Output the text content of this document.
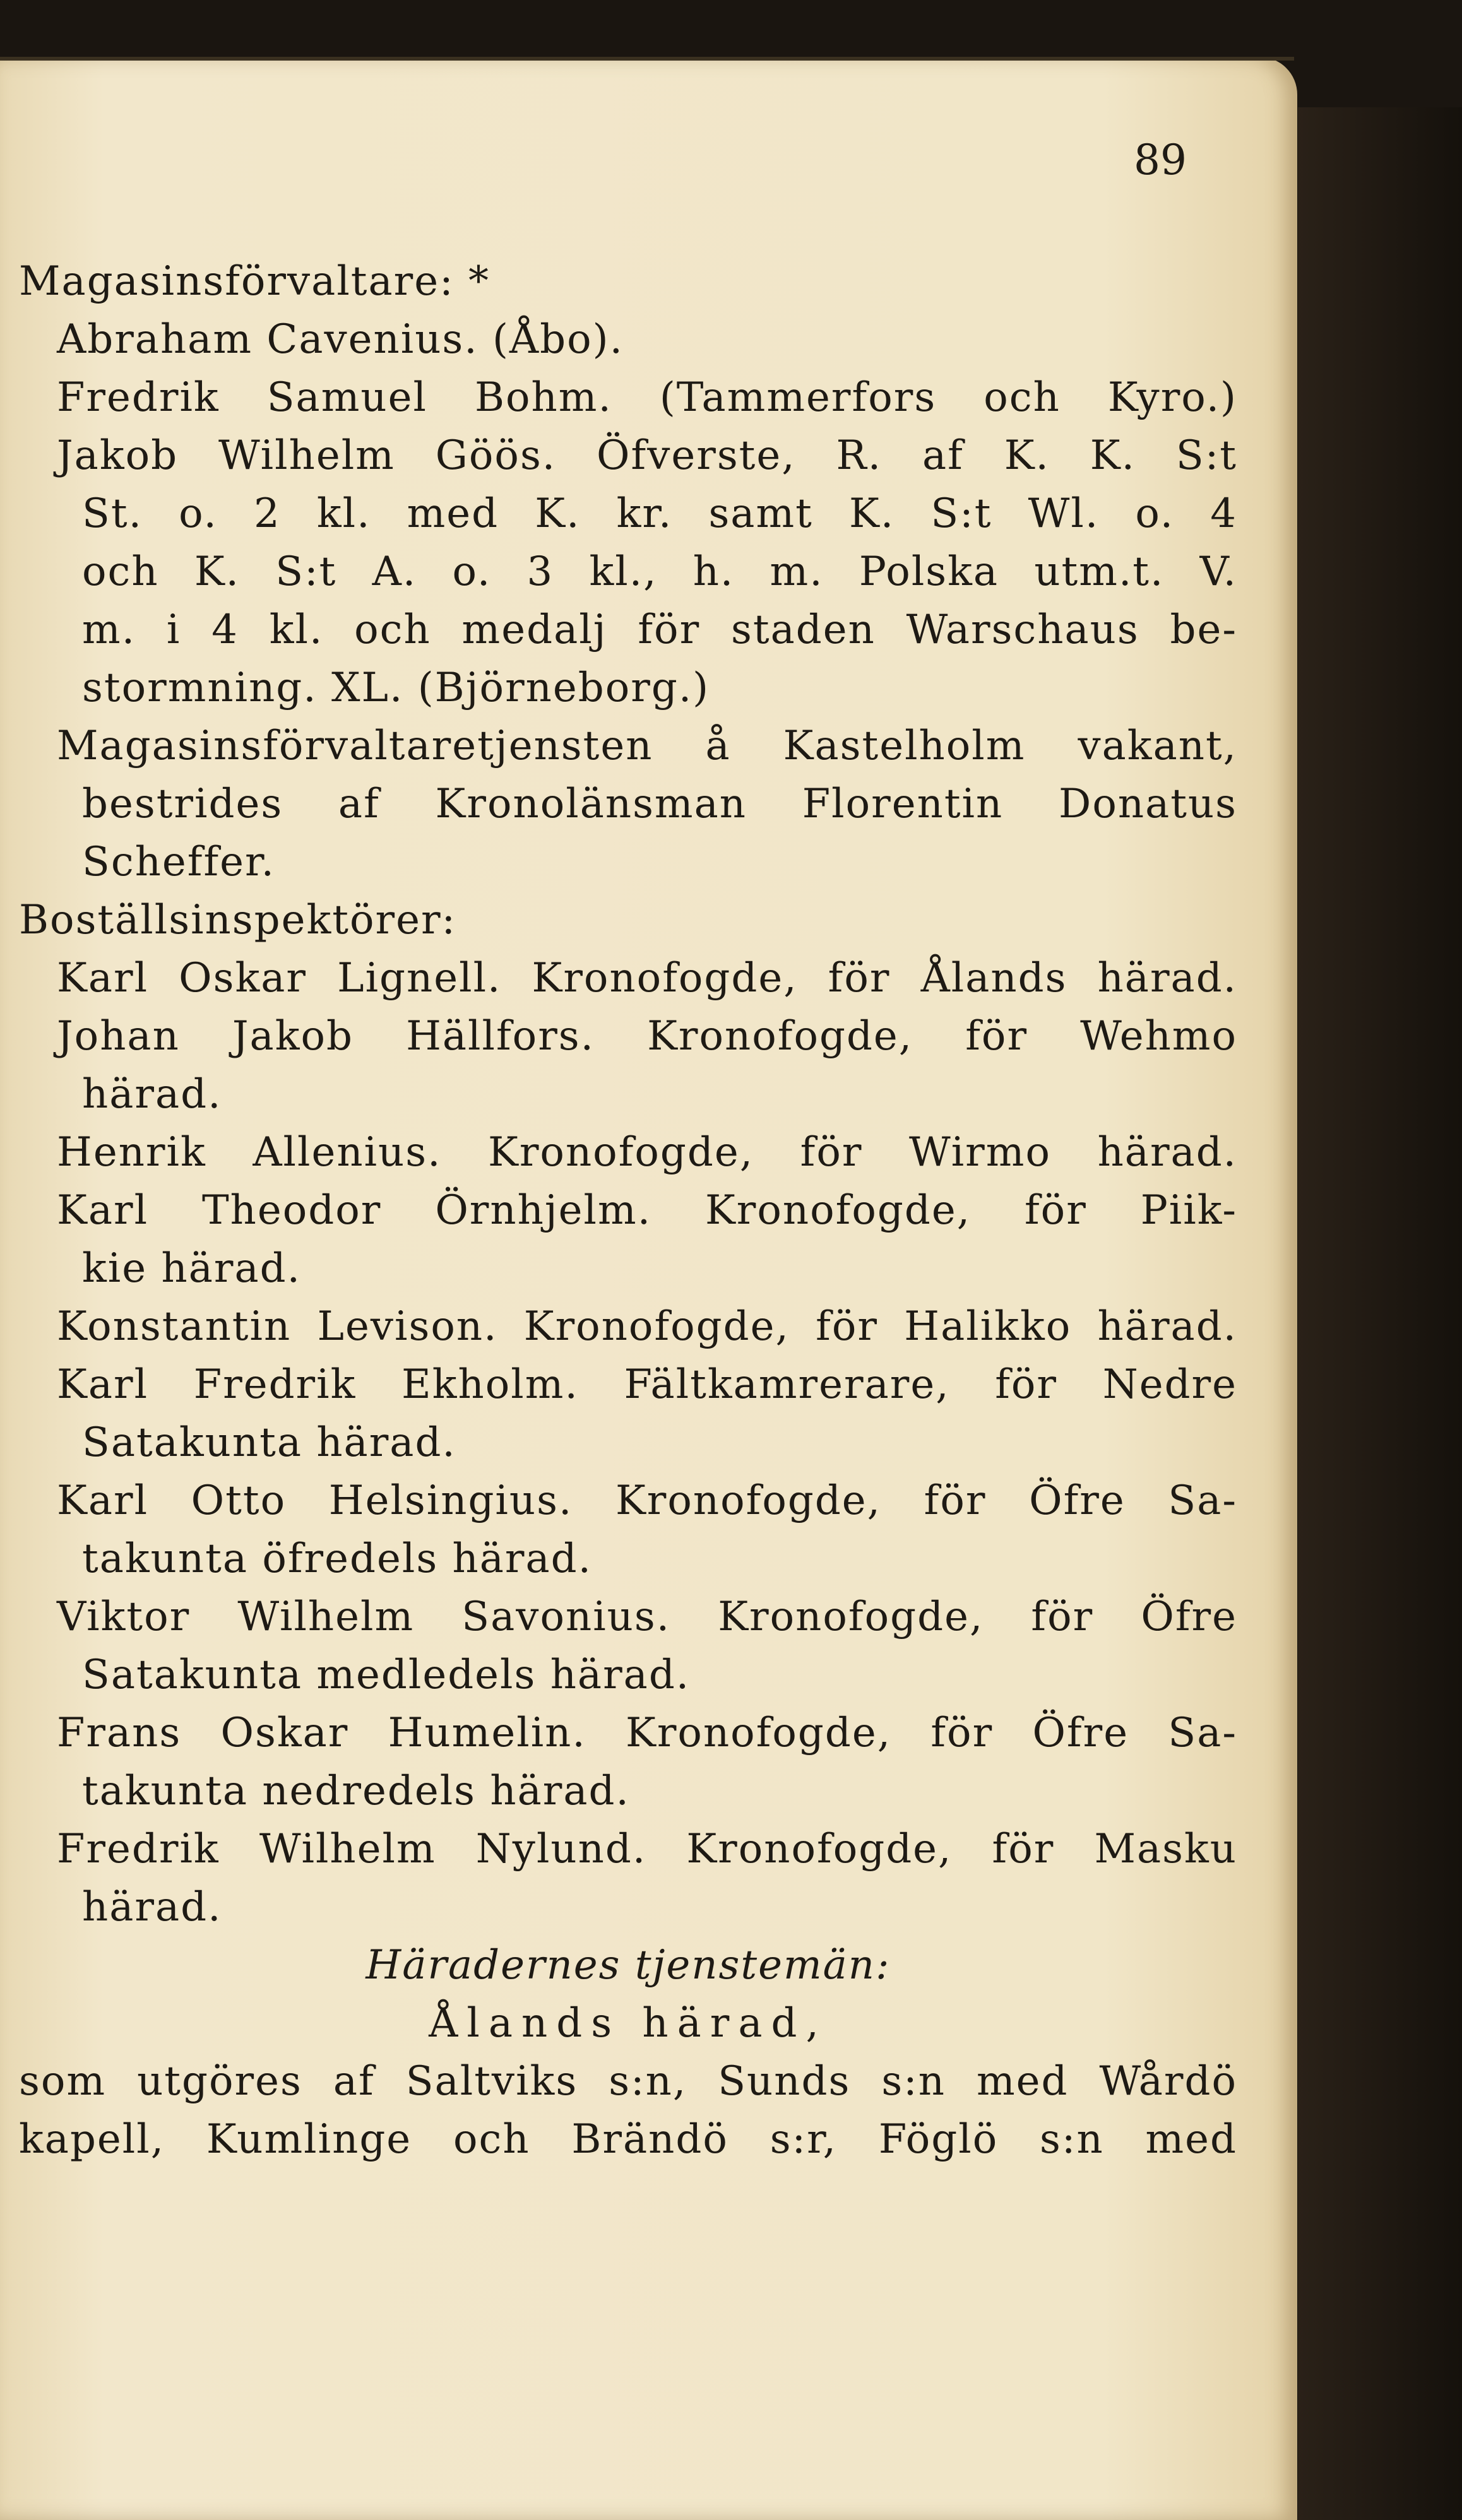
89
Magasinsförvaltare: *
Abraham Cavenius. (Åbo).
Fredrik Samuel Bohm. (Tammerfors och Kyro.)
Jakob Wilhelm Göös. Öfverste, R. af K. K. S:t
St. o. 2 kl. med K. kr. samt K. S:t Wl. o. 4
och K. S:t A. o. 3 kl., h. m. Polska utm.t. V.
m. i 4 kl. och medalj för staden Warschaus be-
stormning. XL. (Björneborg.)
Magasinsförvaltaretjensten å Kastelholm vakant,
bestrides af Kronolänsman Florentin Donatus
Scheffer.
Boställsinspektörer:
Karl Oskar Lignell. Kronofogde, för Ålands härad.
Johan Jakob Hällfors. Kronofogde, för Wehmo
härad.
Henrik Allenius. Kronofogde, för Wirmo härad.
Karl Theodor Örnhjelm. Kronofogde, för Piik-
kie härad.
Konstantin Levison. Kronofogde, för Halikko härad.
Karl Fredrik Ekholm. Fältkamrerare, för Nedre
Satakunta härad.
Karl Otto Helsingius. Kronofogde, för Öfre Sa-
takunta öfredels härad.
Viktor Wilhelm Savonius. Kronofogde, för Öfre
Satakunta medledels härad.
Frans Oskar Humelin. Kronofogde, för Öfre Sa-
takunta nedredels härad.
Fredrik Wilhelm Nylund. Kronofogde, för Masku
härad.
Häradernes tjenstemän:
Ålands härad,
som utgöres af Saltviks s:n, Sunds s:n med Wårdö
kapell, Kumlinge och Brändö s:r, Föglö s:n med
